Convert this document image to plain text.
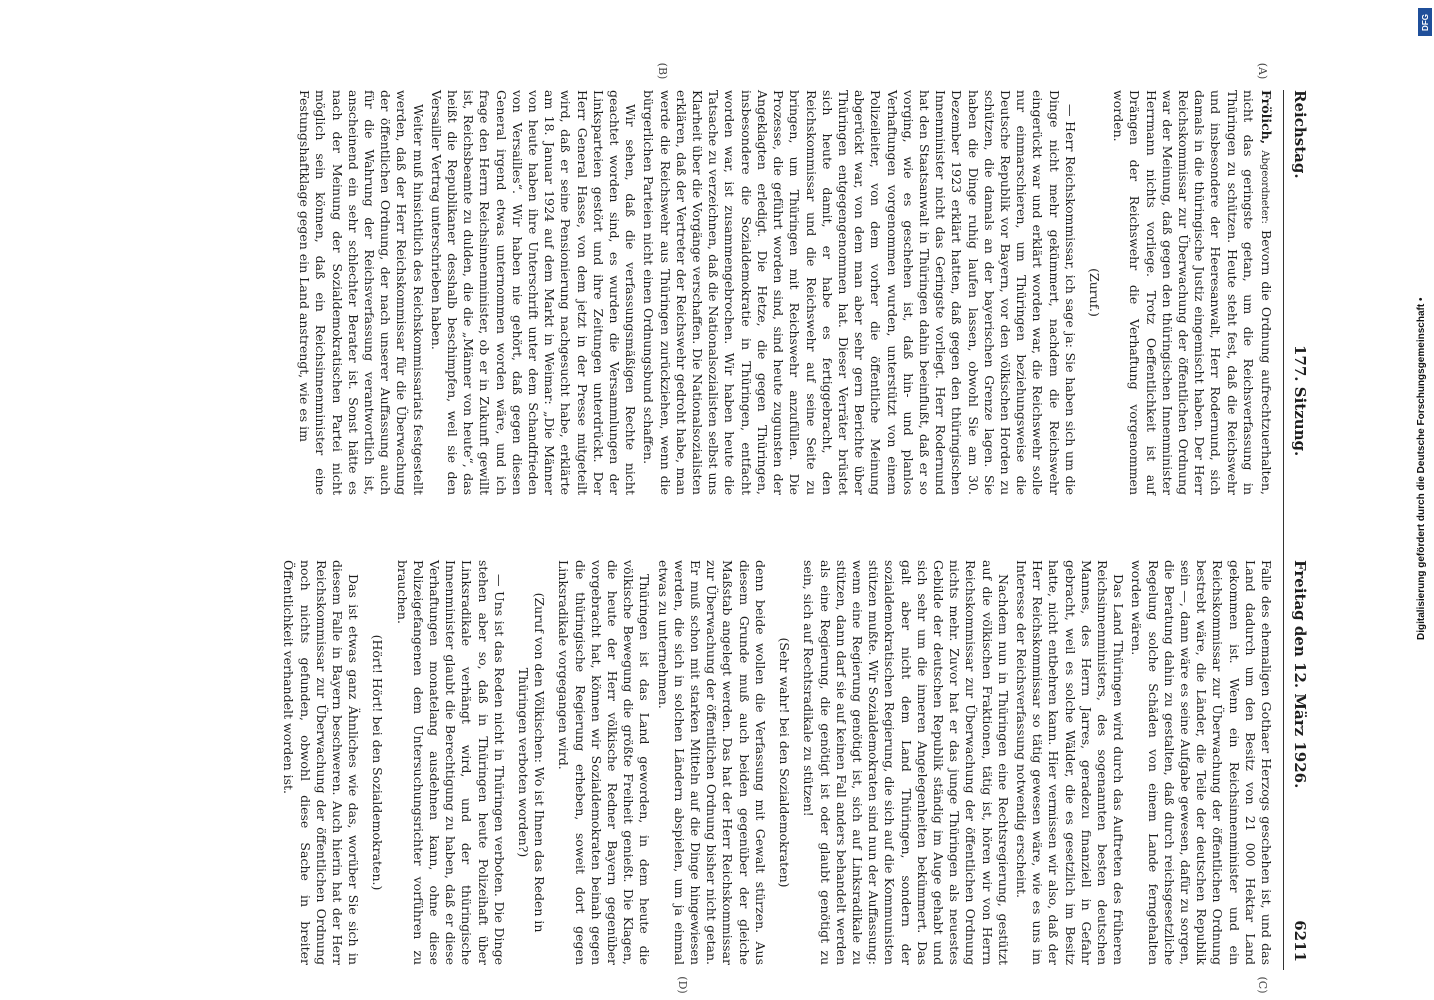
Reichstag.
177. Sitzung.
Freitag den 12. März 1926.
6211
(A)
(B)
(C)
(D)

Frölich, Abgeordneter: Bevorn die Ordnung aufrechtzuerhalten, nicht das geringste getan, um die Reichsverfassung in Thüringen zu schützen. Heute steht fest, daß die Reichswehr und insbesondere der Heeresanwalt, Herr Rodernund, sich damals in die thüringische Justiz eingemischt haben. Der Herr Reichskommissar zur Überwachung der öffentlichen Ordnung war der Meinung, daß gegen den thüringischen Innenminister Herrmann nichts vorliege. Trotz Oeffentlichkeit ist auf Drängen der Reichswehr die Verhaftung vorgenommen worden.

(Zuruf.)

— Herr Reichskommissar, ich sage ja: Sie haben sich um die Dinge nicht mehr gekümmert, nachdem die Reichswehr eingerückt war und erklärt worden war, die Reichswehr solle nur einmarschieren, um Thüringen beziehungsweise die Deutsche Republik vor Bayern, vor den völkischen Horden zu schützen, die damals an der bayerischen Grenze lagen. Sie haben die Dinge ruhig laufen lassen, obwohl Sie am 30. Dezember 1923 erklärt hatten, daß gegen den thüringischen Innenminister nicht das Geringste vorliegt. Herr Rodernund hat den Staatsanwalt in Thüringen dahin beeinflußt, daß er so vorging, wie es geschehen ist, daß hin- und planlos Verhaftungen vorgenommen wurden, unterstützt von einem Polizeileiter, von dem vorher die öffentliche Meinung abgerückt war, von dem man aber sehr gern Berichte über Thüringen entgegengenommen hat. Dieser Verräter brüstet sich heute damit, er habe es fertiggebracht, den Reichskommissar und die Reichswehr auf seine Seite zu bringen, um Thüringen mit Reichswehr anzufüllen. Die Prozesse, die geführt worden sind, sind heute zugunsten der Angeklagten erledigt. Die Hetze, die gegen Thüringen, insbesondere die Sozialdemokratie in Thüringen, entfacht worden war, ist zusammengebrochen. Wir haben heute die Tatsache zu verzeichnen, daß die Nationalsozialisten selbst uns Klarheit über die Vorgänge verschaffen. Die Nationalsozialisten erklären, daß der Vertreter der Reichswehr gedroht habe, man werde die Reichswehr aus Thüringen zurückziehen, wenn die bürgerlichen Parteien nicht einen Ordnungsbund schaffen.

Wir sehen, daß die verfassungsmäßigen Rechte nicht geachtet worden sind, es wurden die Versammlungen der Linksparteien gestört und ihre Zeitungen unterdrückt. Der Herr General Hasse, von dem jetzt in der Presse mitgeteilt wird, daß er seine Pensionierung nachgesucht habe, erklärte am 18. Januar 1924 auf dem Markt in Weimar: „Die Männer von heute haben ihre Unterschrift unter dem Schandfrieden von Versailles“. Wir haben nie gehört, daß gegen diesen General irgend etwas unternommen worden wäre, und ich frage den Herrn Reichsinnenminister, ob er in Zukunft gewillt ist, Reichsbeamte zu dulden, die die „Männer von heute“, das heißt die Republikaner desshalb beschimpfen, weil sie den Versailler Vertrag unterschrieben haben.

Weiter muß hinsichtlich des Reichskommissariats festgestellt werden, daß der Herr Reichskommissar für die Überwachung der öffentlichen Ordnung, der nach unserer Auffassung auch für die Wahrung der Reichsverfassung verantwortlich ist, anscheinend ein sehr schlechter Berater ist. Sonst hätte es nach der Meinung der Sozialdemokratischen Partei nicht möglich sein können, daß ein Reichsinnenminister eine Festungshaftklage gegen ein Land anstrengt, wie es im

Falle des ehemaligen Gothaer Herzogs geschehen ist, und das Land dadurch um den Besitz von 21 000 Hektar Land gekommen ist. Wenn ein Reichsinnenminister und ein Reichskommissar zur Überwachung der öffentlichen Ordnung bestrebt wäre, die Länder, die Teile der deutschen Republik sein —, dann wäre es seine Aufgabe gewesen, dafür zu sorgen, die Beratung dahin zu gestalten, daß durch reichsgesetzliche Regelung solche Schäden von einem Lande ferngehalten worden wären.

Das Land Thüringen wird durch das Auftreten des früheren Reichsinnenministers, des sogenannten besten deutschen Mannes, des Herrn Jarres, geradezu finanziell in Gefahr gebracht, weil es solche Wälder, die es gesetzlich im Besitz hatte, nicht entbehren kann. Hier vermissen wir also, daß der Herr Reichskommissar so tätig gewesen wäre, wie es uns im Interesse der Reichsverfassung notwendig erscheint.

Nachdem nun in Thüringen eine Rechtsregierung, gestützt auf die völkischen Fraktionen, tätig ist, hören wir von Herrn Reichskommissar zur Überwachung der öffentlichen Ordnung nichts mehr. Zuvor hat er das junge Thüringen als neuestes Gebilde der deutschen Republik ständig im Auge gehabt und sich sehr um die inneren Angelegenheiten bekümmert. Das galt aber nicht dem Land Thüringen, sondern der sozialdemokratischen Regierung, die sich auf die Kommunisten stützen mußte. Wir Sozialdemokraten sind nun der Auffassung: wenn eine Regierung genötigt ist, sich auf Linksradikale zu stützen, dann darf sie auf keinen Fall anders behandelt werden als eine Regierung, die genötigt ist oder glaubt genötigt zu sein, sich auf Rechtsradikale zu stützen!

(Sehr wahr! bei den Sozialdemokraten)

denn beide wollen die Verfassung mit Gewalt stürzen. Aus diesem Grunde muß auch beiden gegenüber der gleiche Maßstab angelegt werden. Das hat der Herr Reichskommissar zur Überwachung der öffentlichen Ordnung bisher nicht getan. Er muß schon mit starken Mitteln auf die Dinge hingewiesen werden, die sich in solchen Ländern abspielen, um ja einmal etwas zu unternehmen.

Thüringen ist das Land geworden, in dem heute die völkische Bewegung die größte Freiheit genießt. Die Klagen, die heute der Herr völkische Redner Bayern gegenüber vorgebracht hat, können wir Sozialdemokraten beinah gegen die thüringische Regierung erheben, soweit dort gegen Linksradikale vorgegangen wird.

(Zuruf von den Völkischen: Wo ist Ihnen das Reden in Thüringen verboten worden?)

— Uns ist das Reden nicht in Thüringen verboten. Die Dinge stehen aber so, daß in Thüringen heute Polizeihaft über Linksradikale verhängt wird, und der thüringische Innenminister glaubt die Berechtigung zu haben, daß er diese Verhaftungen monatelang ausdehnen kann, ohne diese Polizeigefangenen dem Untersuchungsrichter vorführen zu brauchen.

(Hört! Hört! bei den Sozialdemokraten.)

Das ist etwas ganz Ähnliches wie das, worüber Sie sich in diesem Falle in Bayern beschweren. Auch hierin hat der Herr Reichskommissar zur Überwachung der öffentlichen Ordnung noch nichts gefunden, obwohl diese Sache in breiter Öffentlichkeit verhandelt worden ist.

DFG
Digitalisierung gefördert durch die Deutsche Forschungsgemeinschaft •
